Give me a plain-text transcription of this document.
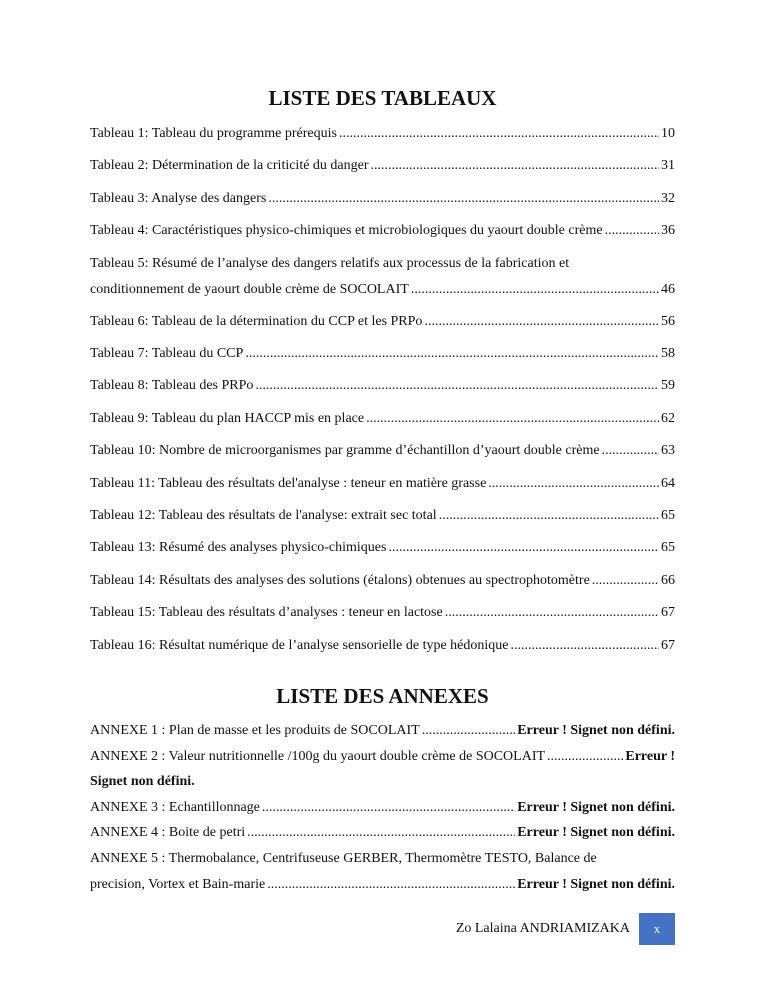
LISTE DES TABLEAUX
Tableau 1: Tableau du programme prérequis .....	10
Tableau 2: Détermination de la criticité du danger .....	31
Tableau 3: Analyse des dangers .....	32
Tableau 4: Caractéristiques physico-chimiques et microbiologiques du yaourt double crème .....	36
Tableau 5: Résumé de l’analyse des dangers relatifs aux processus de la fabrication et
conditionnement de yaourt double crème de SOCOLAIT .....	46
Tableau 6: Tableau de la détermination du CCP et les PRPo .....	56
Tableau 7: Tableau du CCP .....	58
Tableau 8: Tableau des PRPo .....	59
Tableau 9: Tableau du plan HACCP mis en place .....	62
Tableau 10: Nombre de microorganismes par gramme d’échantillon d’yaourt double crème .....	63
Tableau 11: Tableau des résultats del'analyse : teneur en matière grasse .....	64
Tableau 12: Tableau des résultats de l'analyse: extrait sec total .....	65
Tableau 13: Résumé des analyses physico-chimiques .....	65
Tableau 14: Résultats des analyses des solutions (étalons) obtenues au spectrophotomètre .....	66
Tableau 15: Tableau des résultats d’analyses : teneur en lactose .....	67
Tableau 16: Résultat numérique de l’analyse sensorielle de type hédonique .....	67
LISTE DES ANNEXES
ANNEXE 1 : Plan de masse et les produits de SOCOLAIT .....	Erreur ! Signet non défini.
ANNEXE 2 : Valeur nutritionnelle /100g du yaourt double crème de SOCOLAIT .....	Erreur !
Signet non défini.
ANNEXE 3 : Echantillonnage .....	Erreur ! Signet non défini.
ANNEXE 4 : Boite de petri .....	Erreur ! Signet non défini.
ANNEXE 5 : Thermobalance, Centrifuseuse GERBER, Thermomètre TESTO, Balance de
precision, Vortex et Bain-marie .....	Erreur ! Signet non défini.
Zo Lalaina ANDRIAMIZAKA	x
